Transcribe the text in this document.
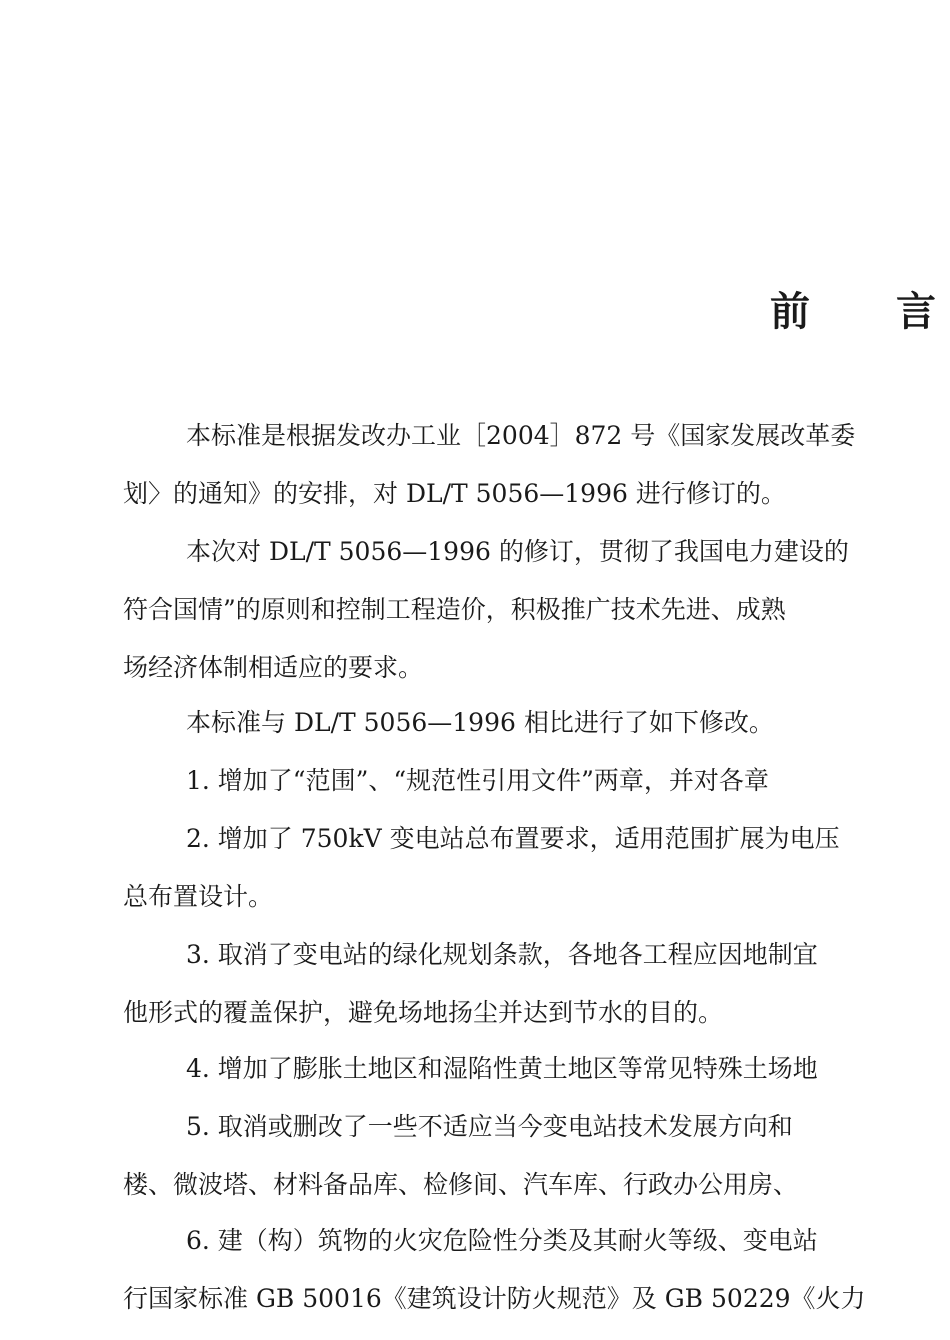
前 言
本标准是根据发改办工业［2004］872 号《国家发展改革委
划〉的通知》的安排，对 DL/T 5056—1996 进行修订的。
本次对 DL/T 5056—1996 的修订，贯彻了我国电力建设的
符合国情”的原则和控制工程造价，积极推广技术先进、成熟
场经济体制相适应的要求。
本标准与 DL/T 5056—1996 相比进行了如下修改。
1. 增加了“范围”、“规范性引用文件”两章，并对各章
2. 增加了 750kV 变电站总布置要求，适用范围扩展为电压
总布置设计。
3. 取消了变电站的绿化规划条款，各地各工程应因地制宜
他形式的覆盖保护，避免场地扬尘并达到节水的目的。
4. 增加了膨胀土地区和湿陷性黄土地区等常见特殊土场地
5. 取消或删改了一些不适应当今变电站技术发展方向和
楼、微波塔、材料备品库、检修间、汽车库、行政办公用房、
6. 建（构）筑物的火灾危险性分类及其耐火等级、变电站
行国家标准 GB 50016《建筑设计防火规范》及 GB 50229《火力
